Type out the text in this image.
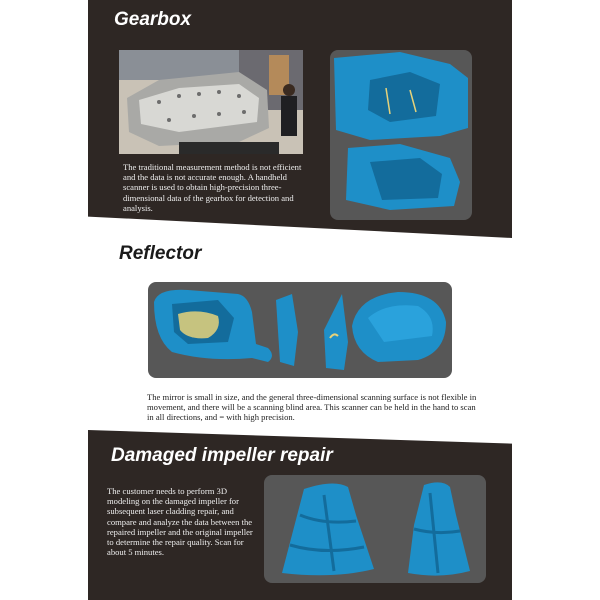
Gearbox

The traditional measurement method is not efficient and the data is not accurate enough. A handheld scanner is used to obtain high-precision three-dimensional data of the gearbox for detection and analysis.

Reflector

The mirror is small in size, and the general three-dimensional scanning surface is not flexible in movement, and there will be a scanning blind area. This scanner can be held in the hand to scan in all directions, and = with high precision.

Damaged impeller repair

The customer needs to perform 3D modeling on the damaged impeller for subsequent laser cladding repair, and compare and analyze the data between the repaired impeller and the original impeller to determine the repair quality. Scan for about 5 minutes.
